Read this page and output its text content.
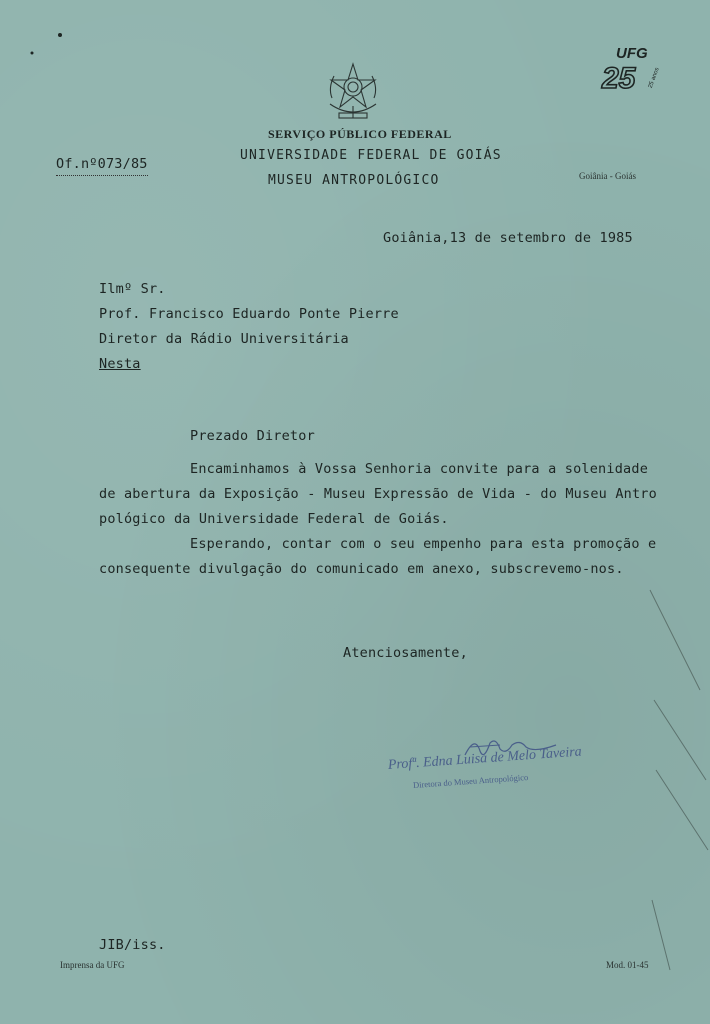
UFG
25 25 anos
SERVIÇO PÚBLICO FEDERAL
UNIVERSIDADE FEDERAL DE GOIÁS
MUSEU ANTROPOLÓGICO	Goiânia - Goiás
Of.nº073/85
Goiânia,13 de setembro de 1985
Ilmº Sr.
Prof. Francisco Eduardo Ponte Pierre
Diretor da Rádio Universitária
Nesta
Prezado Diretor
Encaminhamos à Vossa Senhoria convite para a solenidade
de abertura da Exposição - Museu Expressão de Vida - do Museu Antro
pológico da Universidade Federal de Goiás.
Esperando, contar com o seu empenho para esta promoção e
consequente divulgação do comunicado em anexo, subscrevemo-nos.
Atenciosamente,
Profª. Edna Luisa de Melo Taveira
Diretora do Museu Antropológico
JIB/iss.
Imprensa da UFG	Mod. 01-45
